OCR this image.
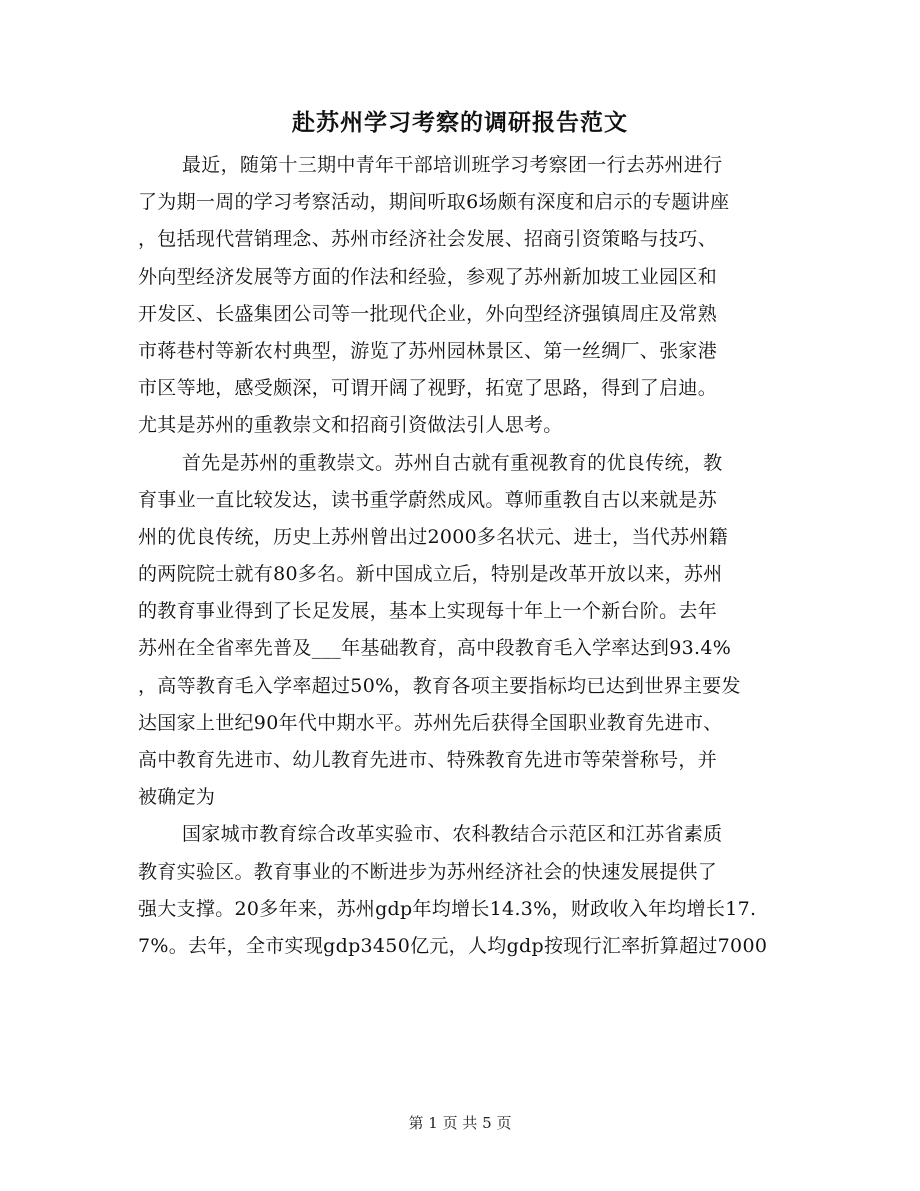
赴苏州学习考察的调研报告范文
最近，随第十三期中青年干部培训班学习考察团一行去苏州进行
了为期一周的学习考察活动，期间听取6场颇有深度和启示的专题讲座
，包括现代营销理念、苏州市经济社会发展、招商引资策略与技巧、
外向型经济发展等方面的作法和经验，参观了苏州新加坡工业园区和
开发区、长盛集团公司等一批现代企业，外向型经济强镇周庄及常熟
市蒋巷村等新农村典型，游览了苏州园林景区、第一丝绸厂、张家港
市区等地，感受颇深，可谓开阔了视野，拓宽了思路，得到了启迪。
尤其是苏州的重教崇文和招商引资做法引人思考。
首先是苏州的重教崇文。苏州自古就有重视教育的优良传统，教
育事业一直比较发达，读书重学蔚然成风。尊师重教自古以来就是苏
州的优良传统，历史上苏州曾出过2000多名状元、进士，当代苏州籍
的两院院士就有80多名。新中国成立后，特别是改革开放以来，苏州
的教育事业得到了长足发展，基本上实现每十年上一个新台阶。去年
苏州在全省率先普及___年基础教育，高中段教育毛入学率达到93.4%
，高等教育毛入学率超过50%，教育各项主要指标均已达到世界主要发
达国家上世纪90年代中期水平。苏州先后获得全国职业教育先进市、
高中教育先进市、幼儿教育先进市、特殊教育先进市等荣誉称号，并
被确定为
国家城市教育综合改革实验市、农科教结合示范区和江苏省素质
教育实验区。教育事业的不断进步为苏州经济社会的快速发展提供了
强大支撑。20多年来，苏州gdp年均增长14.3%，财政收入年均增长17.
7%。去年，全市实现gdp3450亿元，人均gdp按现行汇率折算超过7000
第 1 页 共 5 页
